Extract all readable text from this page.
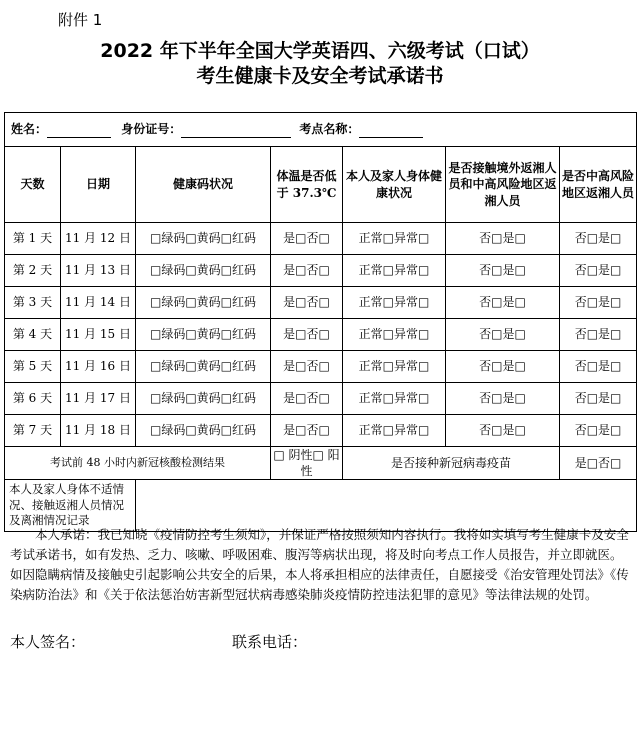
附件 1
2022 年下半年全国大学英语四、六级考试（口试）
考生健康卡及安全考试承诺书
姓名： 身份证号： 考点名称：						
天数	日期	健康码状况	体温是否低于 37.3℃	本人及家人身体健康状况	是否接触境外返湘人员和中高风险地区返湘人员	是否中高风险地区返湘人员
第 1 天	11 月 12 日	□绿码□黄码□红码	是□否□	正常□异常□	否□是□	否□是□
第 2 天	11 月 13 日	□绿码□黄码□红码	是□否□	正常□异常□	否□是□	否□是□
第 3 天	11 月 14 日	□绿码□黄码□红码	是□否□	正常□异常□	否□是□	否□是□
第 4 天	11 月 15 日	□绿码□黄码□红码	是□否□	正常□异常□	否□是□	否□是□
第 5 天	11 月 16 日	□绿码□黄码□红码	是□否□	正常□异常□	否□是□	否□是□
第 6 天	11 月 17 日	□绿码□黄码□红码	是□否□	正常□异常□	否□是□	否□是□
第 7 天	11 月 18 日	□绿码□黄码□红码	是□否□	正常□异常□	否□是□	否□是□
考试前 48 小时内新冠核酸检测结果			□ 阴性□ 阳性	是否接种新冠病毒疫苗		是□否□
本人及家人身体不适情况、接触返湘人员情况及离湘情况记录						

本人承诺：我已知晓《疫情防控考生须知》，并保证严格按照须知内容执行。我将如实填写考生健康卡及安全考试承诺书，如有发热、乏力、咳嗽、呼吸困难、腹泻等病状出现，将及时向考点工作人员报告，并立即就医。如因隐瞒病情及接触史引起影响公共安全的后果，本人将承担相应的法律责任，自愿接受《治安管理处罚法》《传染病防治法》和《关于依法惩治妨害新型冠状病毒感染肺炎疫情防控违法犯罪的意见》等法律法规的处罚。

本人签名：	联系电话：
